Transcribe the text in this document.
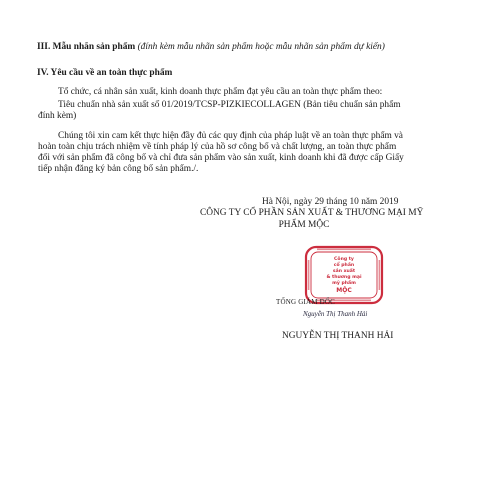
III. Mẫu nhãn sản phẩm (đính kèm mẫu nhãn sản phẩm hoặc mẫu nhãn sản phẩm dự kiến)
IV. Yêu cầu về an toàn thực phẩm
Tổ chức, cá nhân sản xuất, kinh doanh thực phẩm đạt yêu cầu an toàn thực phẩm theo:
Tiêu chuẩn nhà sản xuất số 01/2019/TCSP-PIZKIECOLLAGEN (Bản tiêu chuẩn sản phẩm
đính kèm)
Chúng tôi xin cam kết thực hiện đầy đủ các quy định của pháp luật về an toàn thực phẩm và
hoàn toàn chịu trách nhiệm về tính pháp lý của hồ sơ công bố và chất lượng, an toàn thực phẩm
đối với sản phẩm đã công bố và chỉ đưa sản phẩm vào sản xuất, kinh doanh khi đã được cấp Giấy
tiếp nhận đăng ký bản công bố sản phẩm./.
Hà Nội, ngày 29 tháng 10 năm 2019
CÔNG TY CỔ PHẦN SẢN XUẤT & THƯƠNG MẠI MỸ
PHẨM MỘC
Công ty
cổ phần
sản xuất
& thương mại
mỹ phẩm
MỘC
TỔNG GIÁM ĐỐC
Nguyễn Thị Thanh Hải
NGUYỄN THỊ THANH HẢI
